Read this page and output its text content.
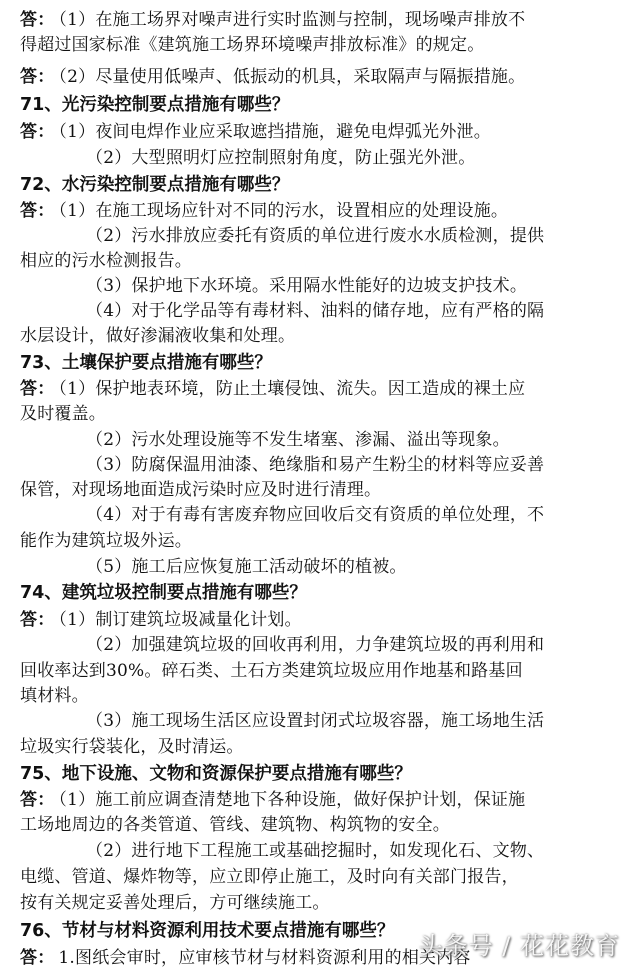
答： （1）在施工场界对噪声进行实时监测与控制，现场噪声排放不
得超过国家标准《建筑施工场界环境噪声排放标准》的规定。
答： （2）尽量使用低噪声、低振动的机具，采取隔声与隔振措施。
71、光污染控制要点措施有哪些？
答： （1）夜间电焊作业应采取遮挡措施，避免电焊弧光外泄。
（2）大型照明灯应控制照射角度，防止强光外泄。
72、水污染控制要点措施有哪些？
答： （1）在施工现场应针对不同的污水，设置相应的处理设施。
（2）污水排放应委托有资质的单位进行废水水质检测，提供
相应的污水检测报告。
（3）保护地下水环境。采用隔水性能好的边坡支护技术。
（4）对于化学品等有毒材料、油料的储存地，应有严格的隔
水层设计，做好渗漏液收集和处理。
73、土壤保护要点措施有哪些？
答： （1）保护地表环境，防止土壤侵蚀、流失。因工造成的裸土应
及时覆盖。
（2）污水处理设施等不发生堵塞、渗漏、溢出等现象。
（3）防腐保温用油漆、绝缘脂和易产生粉尘的材料等应妥善
保管，对现场地面造成污染时应及时进行清理。
（4）对于有毒有害废弃物应回收后交有资质的单位处理，不
能作为建筑垃圾外运。
（5）施工后应恢复施工活动破坏的植被。
74、建筑垃圾控制要点措施有哪些？
答： （1）制订建筑垃圾减量化计划。
（2）加强建筑垃圾的回收再利用，力争建筑垃圾的再利用和
回收率达到30%。碎石类、土石方类建筑垃圾应用作地基和路基回
填材料。
（3）施工现场生活区应设置封闭式垃圾容器，施工场地生活
垃圾实行袋装化，及时清运。
75、地下设施、文物和资源保护要点措施有哪些？
答： （1）施工前应调查清楚地下各种设施，做好保护计划，保证施
工场地周边的各类管道、管线、建筑物、构筑物的安全。
（2）进行地下工程施工或基础挖掘时，如发现化石、文物、
电缆、管道、爆炸物等，应立即停止施工，及时向有关部门报告，
按有关规定妥善处理后，方可继续施工。
76、节材与材料资源利用技术要点措施有哪些？
答： 1.图纸会审时，应审核节材与材料资源利用的相关内容
头条号 / 花花教育
